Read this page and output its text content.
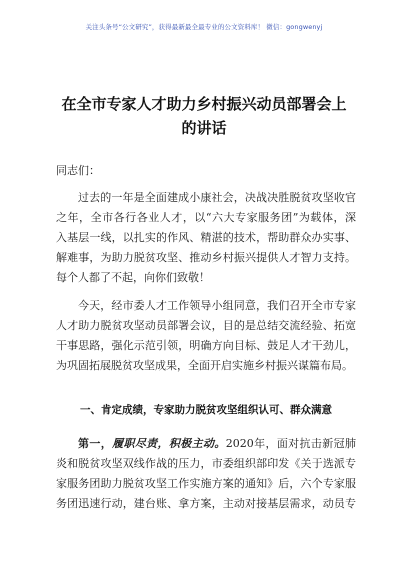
关注头条号“公文研究”，获得最新最全最专业的公文资料库！ 微信：gongwenyj
在全市专家人才助力乡村振兴动员部署会上
的讲话
同志们：
过去的一年是全面建成小康社会，决战决胜脱贫攻坚收官
之年，全市各行各业人才，以“六大专家服务团”为载体，深
入基层一线，以扎实的作风、精湛的技术，帮助群众办实事、
解难事，为助力脱贫攻坚、推动乡村振兴提供人才智力支持。
每个人都了不起，向你们致敬！
今天，经市委人才工作领导小组同意，我们召开全市专家
人才助力脱贫攻坚动员部署会议，目的是总结交流经验、拓宽
干事思路，强化示范引领，明确方向目标、鼓足人才干劲儿，
为巩固拓展脱贫攻坚成果，全面开启实施乡村振兴谋篇布局。
一、肯定成绩，专家助力脱贫攻坚组织认可、群众满意
第一，履职尽责，积极主动。2020年，面对抗击新冠肺
炎和脱贫攻坚双线作战的压力，市委组织部印发《关于选派专
家服务团助力脱贫攻坚工作实施方案的通知》后，六个专家服
务团迅速行动，建台账、拿方案，主动对接基层需求，动员专
